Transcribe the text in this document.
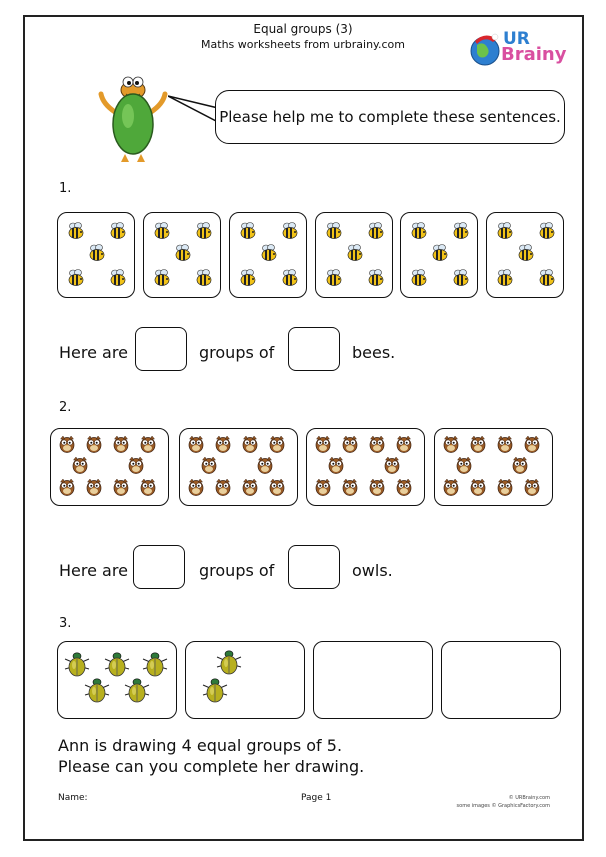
Equal groups (3)
Maths worksheets from urbrainy.com	UR
Brainy
Please help me to complete these sentences.
1.
Here are	groups of	bees.
2.
Here are	groups of	owls.
3.
Ann is drawing 4 equal groups of 5.
Please can you complete her drawing.
Name:	Page 1	© URBrainy.com
some images © GraphicsFactory.com
